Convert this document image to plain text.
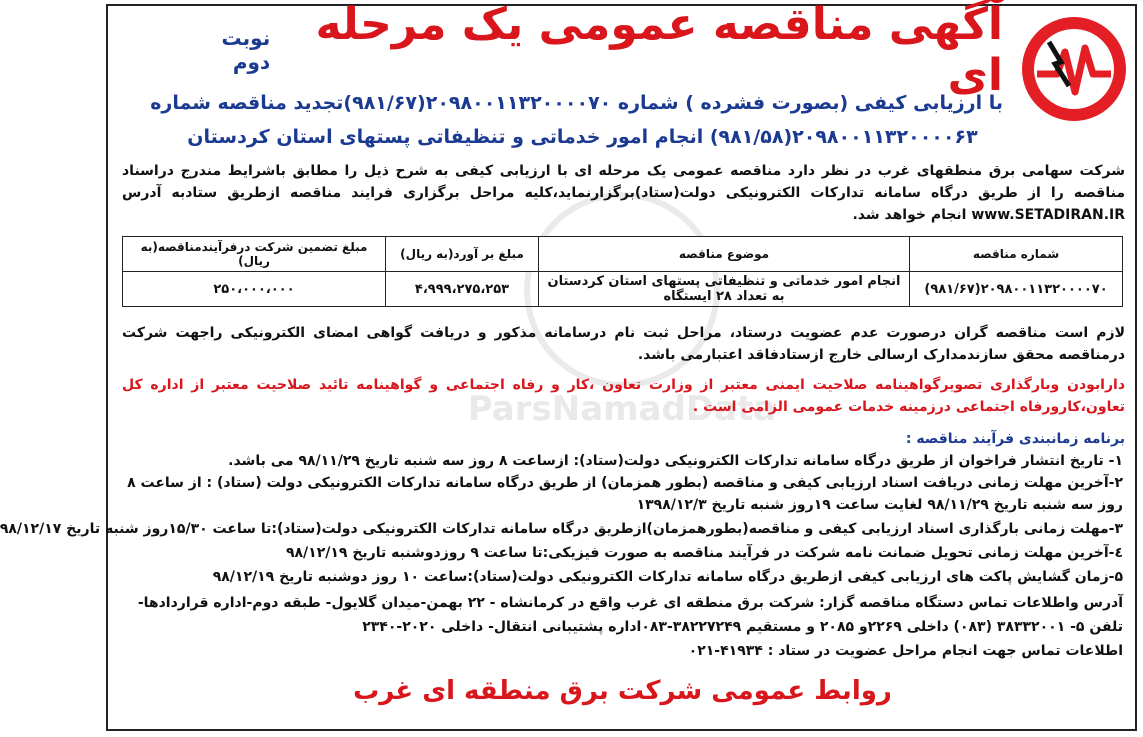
ParsNamadData
آگهی مناقصه عمومی یک مرحله ای
نوبت دوم
با ارزیابی کیفی (بصورت فشرده ) شماره ۲۰۹۸۰۰۱۱۳۲۰۰۰۰۷۰(۹۸۱/۶۷)تجدید مناقصه شماره
۲۰۹۸۰۰۱۱۳۲۰۰۰۰۶۳(۹۸۱/۵۸) انجام امور خدماتی و تنظیفاتی پستهای استان کردستان
شرکت سهامی برق منطقهای غرب در نظر دارد مناقصه عمومی یک مرحله ای با ارزیابی کیفی به شرح ذیل را مطابق باشرایط مندرج دراسناد مناقصه را از طریق درگاه سامانه تدارکات الکترونیکی دولت(ستاد)برگزارنماید،کلیه مراحل برگزاری فرایند مناقصه ازطریق ستادبه آدرس www.SETADIRAN.IR انجام خواهد شد.
شماره مناقصه	موضوع مناقصه	مبلغ بر آورد(به ریال)	مبلغ تضمین شرکت درفرآیندمناقصه(به ریال)
۲۰۹۸۰۰۱۱۳۲۰۰۰۰۷۰(۹۸۱/۶۷)	انجام امور خدماتی و تنظیفاتی پستهای استان کردستان به تعداد ۲۸ ایستگاه	۴،۹۹۹،۲۷۵،۲۵۳	۲۵۰،۰۰۰،۰۰۰
لازم است مناقصه گران درصورت عدم عضویت درستاد، مراحل ثبت نام درسامانه مذکور و دریافت گواهی امضای الکترونیکی راجهت شرکت درمناقصه محقق سازندمدارک ارسالی خارج ازستادفاقد اعتبارمی باشد.
دارابودن وبارگذاری تصویرگواهینامه صلاحیت ایمنی معتبر از وزارت تعاون ،کار و رفاه اجتماعی و گواهینامه تائید صلاحیت معتبر از اداره کل تعاون،کارورفاه اجتماعی درزمینه خدمات عمومی الزامی است .
برنامه زمانبندی فرآیند مناقصه :
۱- تاریخ انتشار فراخوان از طریق درگاه سامانه تدارکات الکترونیکی دولت(ستاد): ازساعت ۸ روز سه شنبه تاریخ ۹۸/۱۱/۲۹ می باشد.
۲-آخرین مهلت زمانی دریافت اسناد ارزیابی کیفی و مناقصه (بطور همزمان) از طریق درگاه سامانه تدارکات الکترونیکی دولت (ستاد) : از ساعت ۸
روز سه شنبه تاریخ ۹۸/۱۱/۲۹ لغایت ساعت ۱۹روز شنبه تاریخ ۱۳۹۸/۱۲/۳
۳-مهلت زمانی بارگذاری اسناد ارزیابی کیفی و مناقصه(بطورهمزمان)ازطریق درگاه سامانه تدارکات الکترونیکی دولت(ستاد):تا ساعت ۱۵/۳۰روز شنبه تاریخ ۹۸/۱۲/۱۷
٤-آخرین مهلت زمانی تحویل ضمانت نامه شرکت در فرآیند مناقصه به صورت فیزیکی:تا ساعت ۹ روزدوشنبه تاریخ ۹۸/۱۲/۱۹
۵-زمان گشایش پاکت های ارزیابی کیفی ازطریق درگاه سامانه تدارکات الکترونیکی دولت(ستاد):ساعت ۱۰ روز دوشنبه تاریخ ۹۸/۱۲/۱۹
آدرس واطلاعات تماس دستگاه مناقصه گزار: شرکت برق منطقه ای غرب واقع در کرمانشاه - ۲۲ بهمن-میدان گلایول- طبقه دوم-اداره قراردادها-
تلفن ۵- ۳۸۳۳۲۰۰۱ (۰۸۳) داخلی ۲۲۶۹و ۲۰۸۵ و مستقیم ۳۸۲۲۷۲۴۹-۰۸۳اداره پشتیبانی انتقال- داخلی ۲۰۲۰-۲۳۴۰
اطلاعات تماس جهت انجام مراحل عضویت در ستاد : ۴۱۹۳۴-۰۲۱
روابط عمومی شرکت برق منطقه ای غرب
